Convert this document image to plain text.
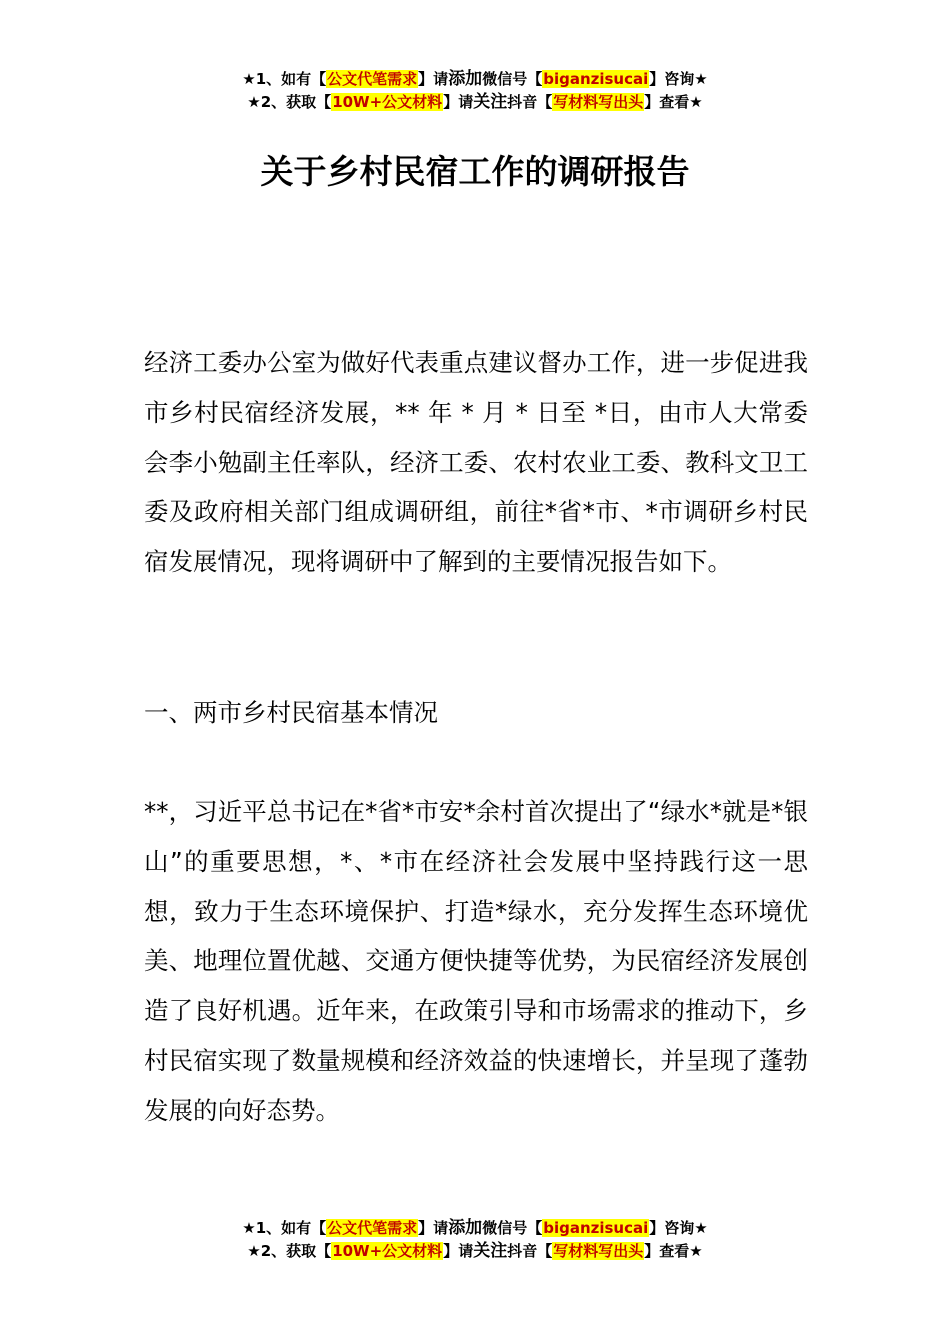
★1、如有【公文代笔需求】请添加微信号【biganzisucai】咨询★
★2、获取【10W+公文材料】请关注抖音【写材料写出头】查看★
关于乡村民宿工作的调研报告

经济工委办公室为做好代表重点建议督办工作，进一步促进我市乡村民宿经济发展，** 年 * 月 * 日至 *日，由市人大常委会李小勉副主任率队，经济工委、农村农业工委、教科文卫工委及政府相关部门组成调研组，前往*省*市、*市调研乡村民宿发展情况，现将调研中了解到的主要情况报告如下。

一、两市乡村民宿基本情况

**，习近平总书记在*省*市安*余村首次提出了“绿水*就是*银山”的重要思想，*、*市在经济社会发展中坚持践行这一思想，致力于生态环境保护、打造*绿水，充分发挥生态环境优美、地理位置优越、交通方便快捷等优势，为民宿经济发展创造了良好机遇。近年来，在政策引导和市场需求的推动下，乡村民宿实现了数量规模和经济效益的快速增长，并呈现了蓬勃发展的向好态势。

★1、如有【公文代笔需求】请添加微信号【biganzisucai】咨询★
★2、获取【10W+公文材料】请关注抖音【写材料写出头】查看★
